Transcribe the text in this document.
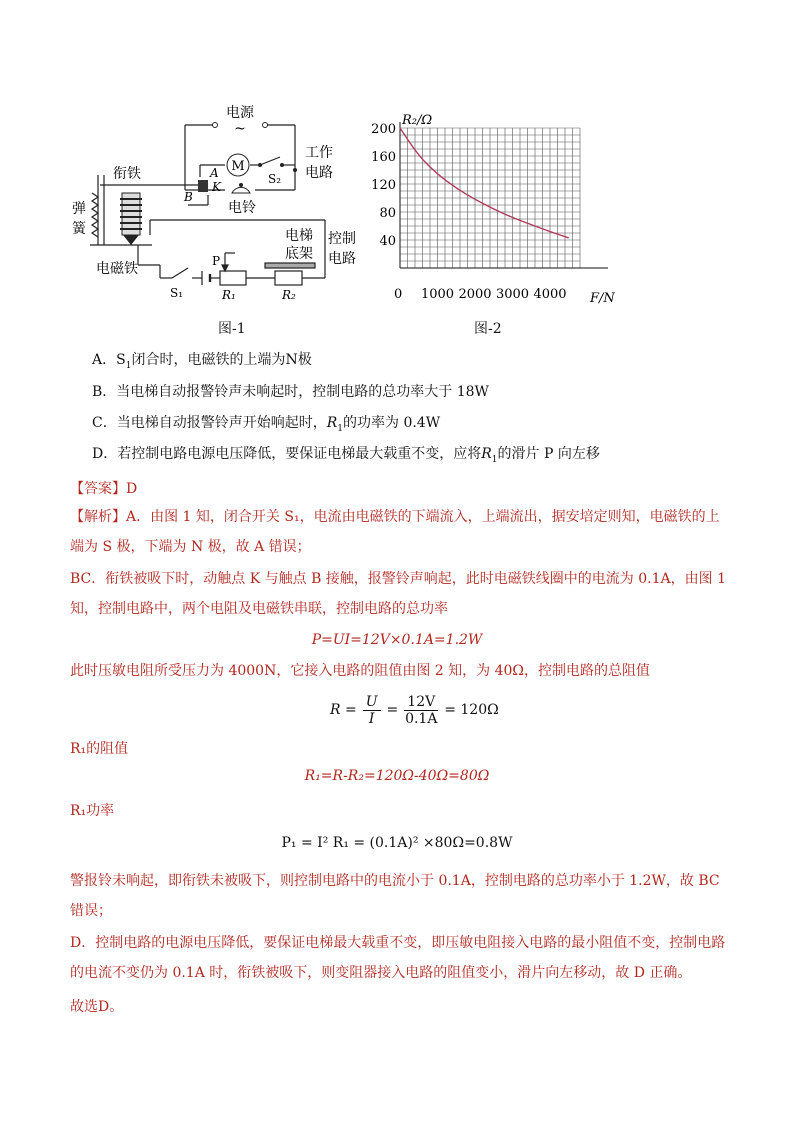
M
电源
~
工作
电路
衔铁
弹
簧
电磁铁
电铃
电梯
底架
控制
电路
A
K
B
S₂
S₁
P
R₁	R₂
图-1
40
80
120
160
200
1000 2000 3000 4000
R₂/Ω
F/N
0
图-2
A．$S_1$闭合时，电磁铁的上端为N极
B．当电梯自动报警铃声未响起时，控制电路的总功率大于 18W
C．当电梯自动报警铃声开始响起时，$R_1$的功率为 0.4W
D．若控制电路电源电压降低，要保证电梯最大载重不变，应将$R_1$的滑片 P 向左移
【答案】D
【解析】A．由图 1 知，闭合开关 S₁，电流由电磁铁的下端流入，上端流出，据安培定则知，电磁铁的上端为 S 极，下端为 N 极，故 A 错误；
BC．衔铁被吸下时，动触点 K 与触点 B 接触，报警铃声响起，此时电磁铁线圈中的电流为 0.1A，由图 1 知，控制电路中，两个电阻及电磁铁串联，控制电路的总功率
P=UI=12V×0.1A=1.2W
此时压敏电阻所受压力为 4000N，它接入电路的阻值由图 2 知，为 40Ω，控制电路的总阻值
$R = \frac{U}{I} = \frac{12V}{0.1A} = 120\Omega$
R₁的阻值
R₁=R-R₂=120Ω-40Ω=80Ω
R₁功率
P₁ = I² R₁ = (0.1A)² ×80Ω=0.8W
警报铃未响起，即衔铁未被吸下，则控制电路中的电流小于 0.1A，控制电路的总功率小于 1.2W，故 BC 错误；
D．控制电路的电源电压降低，要保证电梯最大载重不变，即压敏电阻接入电路的最小阻值不变，控制电路的电流不变仍为 0.1A 时，衔铁被吸下，则变阻器接入电路的阻值变小，滑片向左移动，故 D 正确。
故选D。
